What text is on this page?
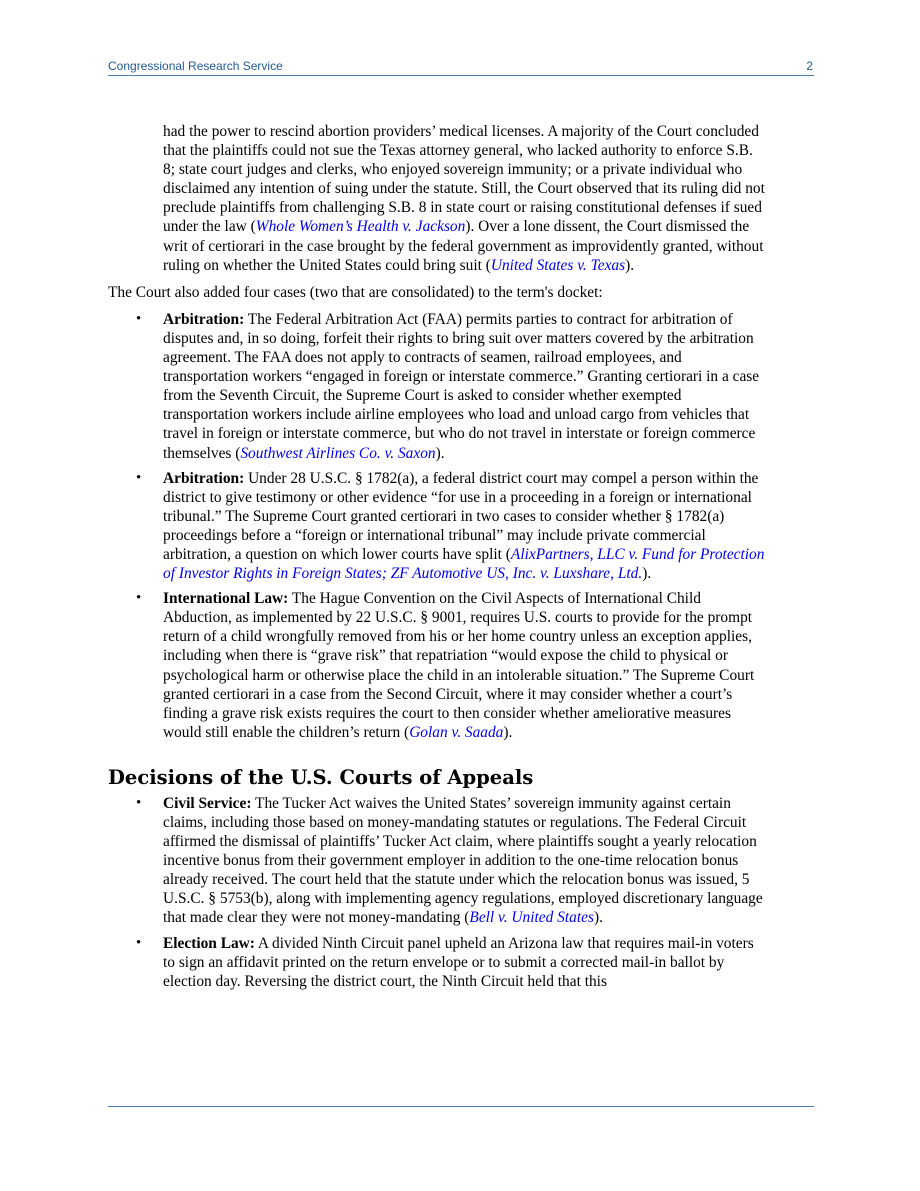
Congressional Research Service	2

had the power to rescind abortion providers’ medical licenses. A majority of the Court concluded that the plaintiffs could not sue the Texas attorney general, who lacked authority to enforce S.B. 8; state court judges and clerks, who enjoyed sovereign immunity; or a private individual who disclaimed any intention of suing under the statute. Still, the Court observed that its ruling did not preclude plaintiffs from challenging S.B. 8 in state court or raising constitutional defenses if sued under the law (Whole Women’s Health v. Jackson). Over a lone dissent, the Court dismissed the writ of certiorari in the case brought by the federal government as improvidently granted, without ruling on whether the United States could bring suit (United States v. Texas).

The Court also added four cases (two that are consolidated) to the term's docket:

• Arbitration: The Federal Arbitration Act (FAA) permits parties to contract for arbitration of disputes and, in so doing, forfeit their rights to bring suit over matters covered by the arbitration agreement. The FAA does not apply to contracts of seamen, railroad employees, and transportation workers “engaged in foreign or interstate commerce.” Granting certiorari in a case from the Seventh Circuit, the Supreme Court is asked to consider whether exempted transportation workers include airline employees who load and unload cargo from vehicles that travel in foreign or interstate commerce, but who do not travel in interstate or foreign commerce themselves (Southwest Airlines Co. v. Saxon).
• Arbitration: Under 28 U.S.C. § 1782(a), a federal district court may compel a person within the district to give testimony or other evidence “for use in a proceeding in a foreign or international tribunal.” The Supreme Court granted certiorari in two cases to consider whether § 1782(a) proceedings before a “foreign or international tribunal” may include private commercial arbitration, a question on which lower courts have split (AlixPartners, LLC v. Fund for Protection of Investor Rights in Foreign States; ZF Automotive US, Inc. v. Luxshare, Ltd.).
• International Law: The Hague Convention on the Civil Aspects of International Child Abduction, as implemented by 22 U.S.C. § 9001, requires U.S. courts to provide for the prompt return of a child wrongfully removed from his or her home country unless an exception applies, including when there is “grave risk” that repatriation “would expose the child to physical or psychological harm or otherwise place the child in an intolerable situation.” The Supreme Court granted certiorari in a case from the Second Circuit, where it may consider whether a court’s finding a grave risk exists requires the court to then consider whether ameliorative measures would still enable the children’s return (Golan v. Saada).
Decisions of the U.S. Courts of Appeals
• Civil Service: The Tucker Act waives the United States’ sovereign immunity against certain claims, including those based on money-mandating statutes or regulations. The Federal Circuit affirmed the dismissal of plaintiffs’ Tucker Act claim, where plaintiffs sought a yearly relocation incentive bonus from their government employer in addition to the one-time relocation bonus already received. The court held that the statute under which the relocation bonus was issued, 5 U.S.C. § 5753(b), along with implementing agency regulations, employed discretionary language that made clear they were not money-mandating (Bell v. United States).
• Election Law: A divided Ninth Circuit panel upheld an Arizona law that requires mail-in voters to sign an affidavit printed on the return envelope or to submit a corrected mail-in ballot by election day. Reversing the district court, the Ninth Circuit held that this
